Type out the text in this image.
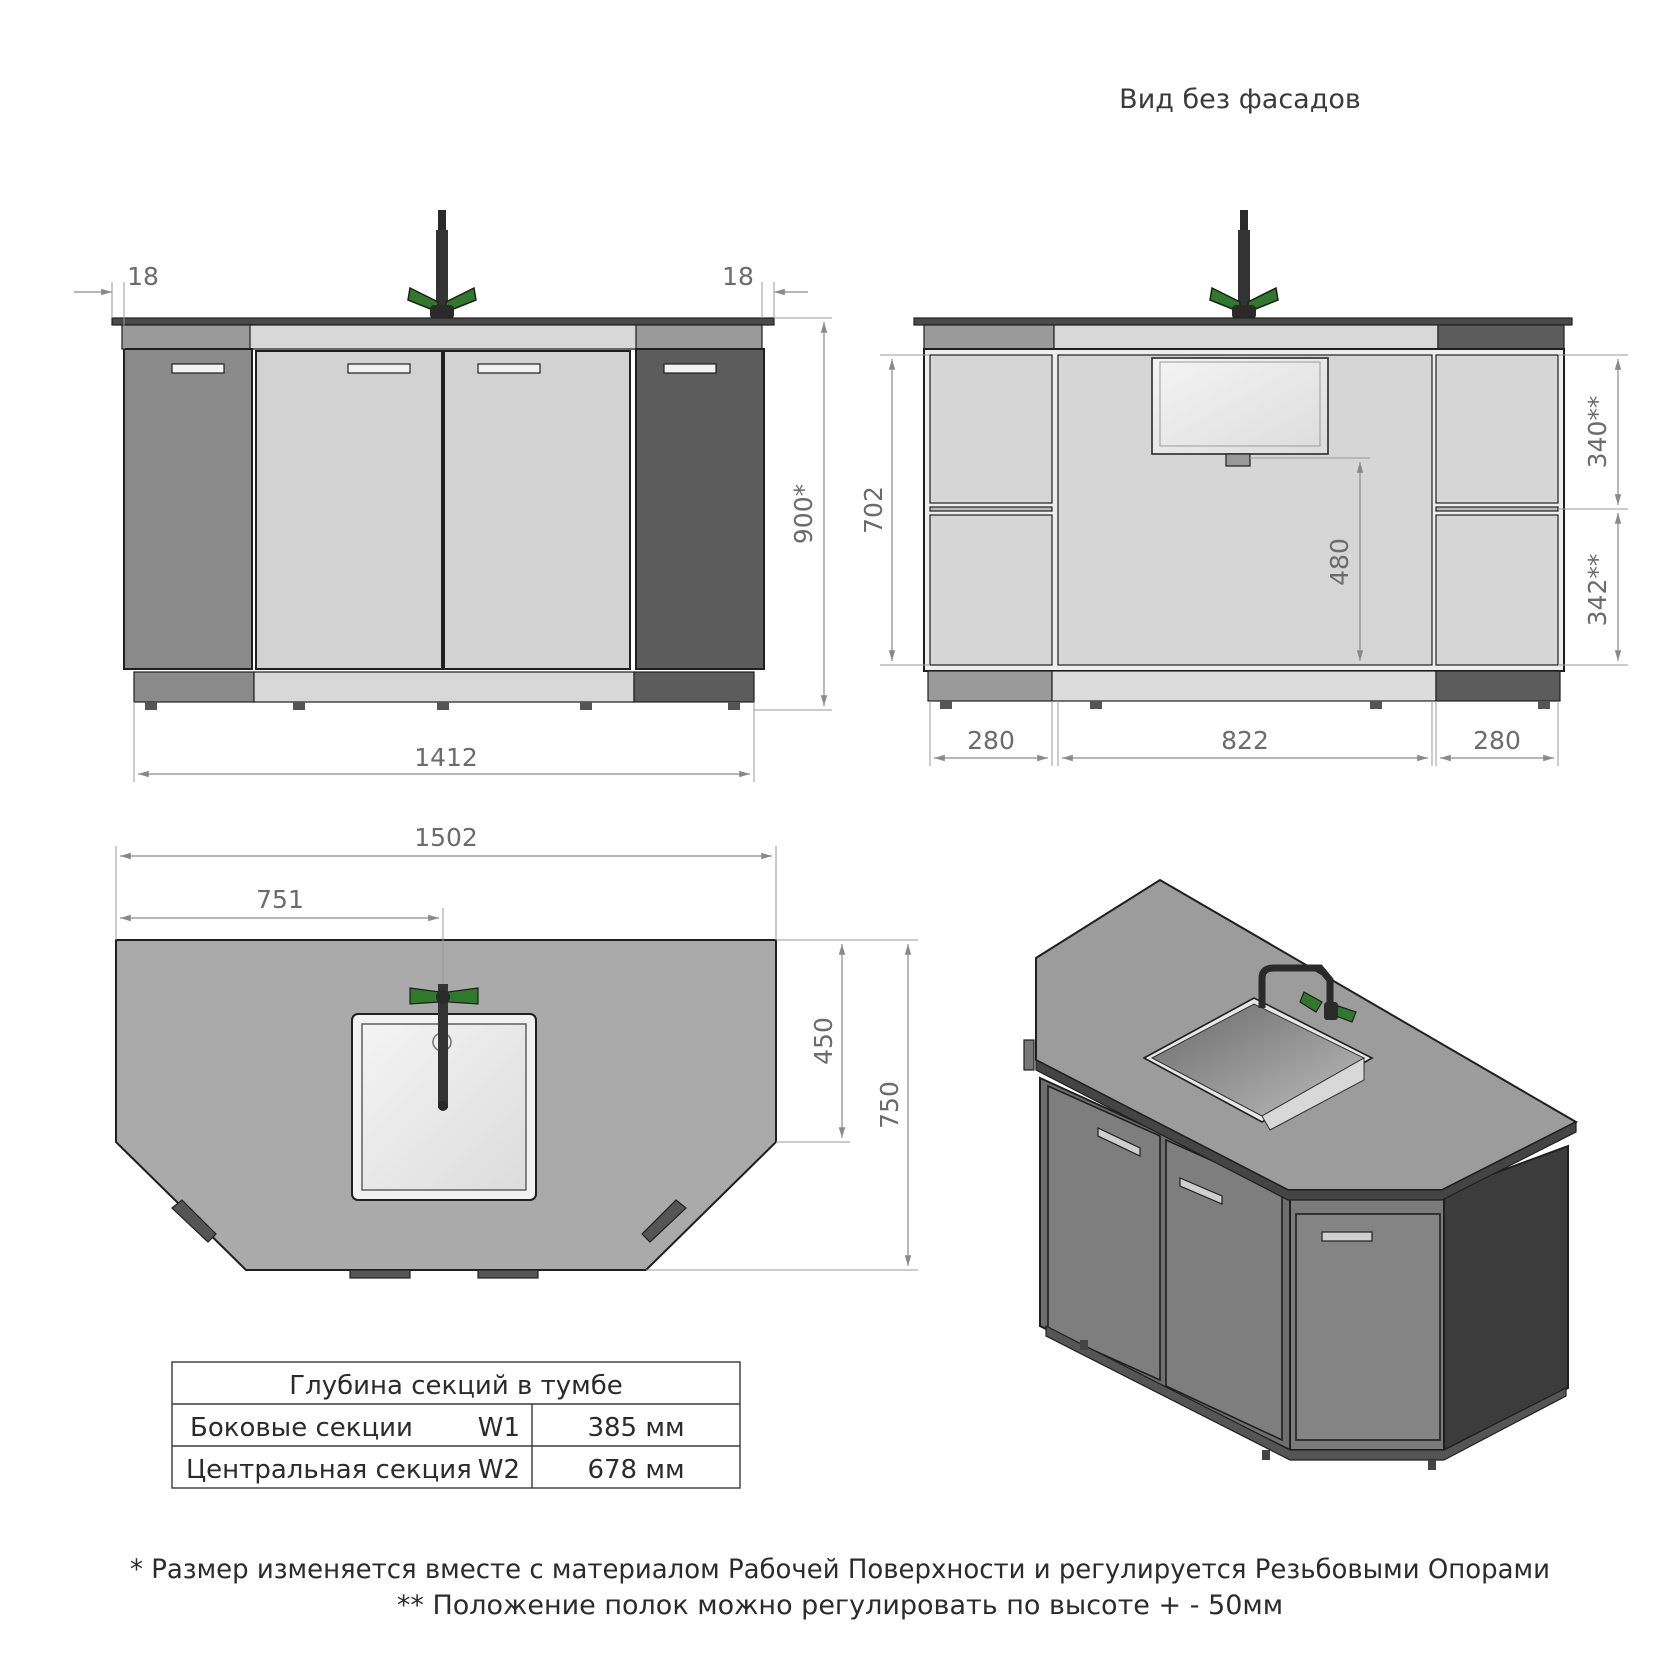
Вид без фасадов
18	18
900*
1412
702
340**
342**
480
280	822	280
1502
751
450
750
Глубина секций в тумбе
Боковые секции W1	385 мм
Центральная секция W2	678 мм
* Размер изменяется вместе с материалом Рабочей Поверхности и регулируется Резьбовыми Опорами
** Положение полок можно регулировать по высоте + - 50мм
